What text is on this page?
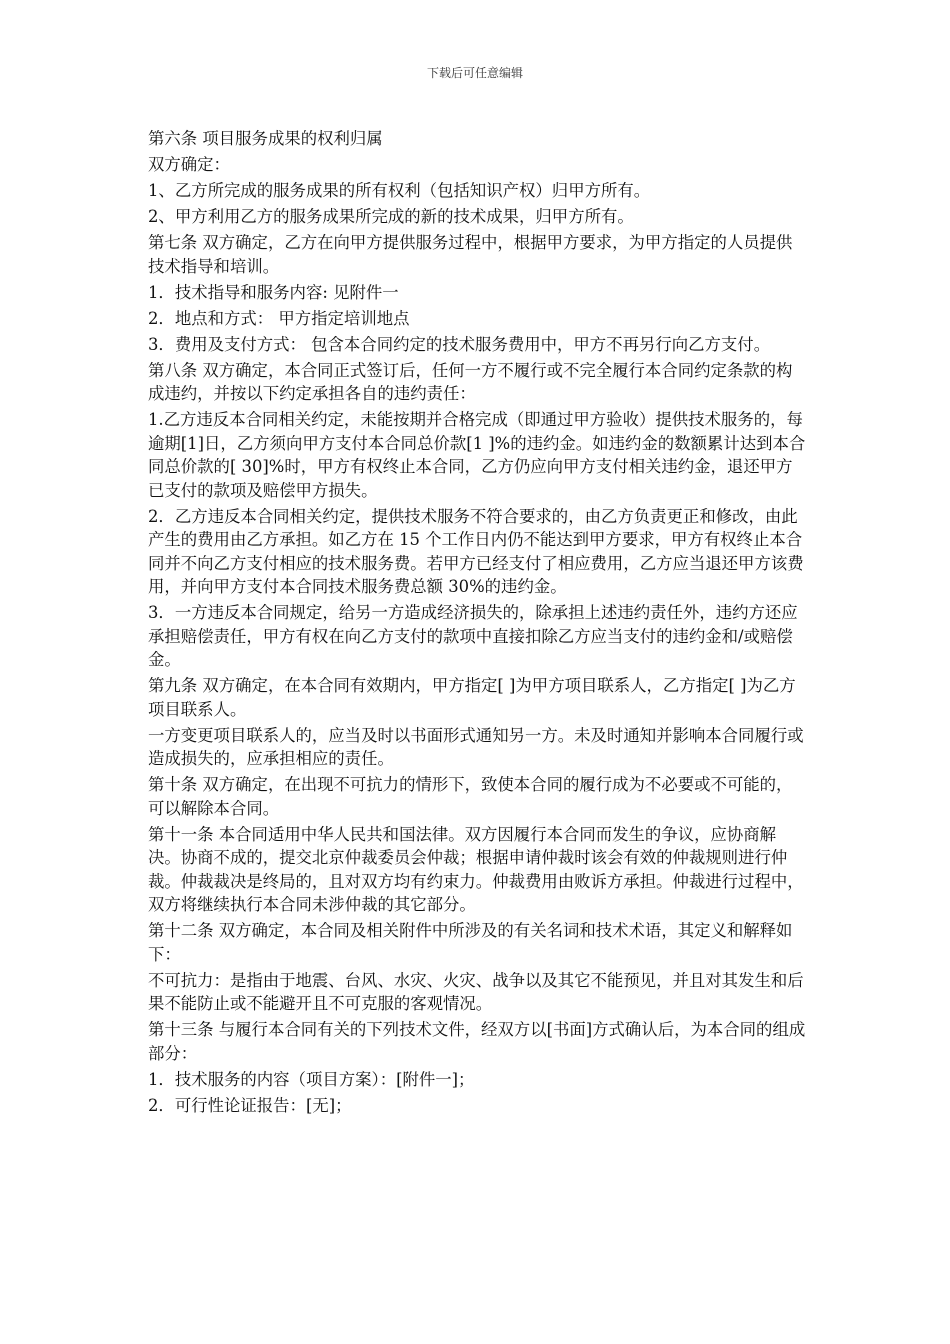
下载后可任意编辑

第六条 项目服务成果的权利归属

双方确定：

1、乙方所完成的服务成果的所有权利（包括知识产权）归甲方所有。

2、甲方利用乙方的服务成果所完成的新的技术成果，归甲方所有。

第七条 双方确定，乙方在向甲方提供服务过程中，根据甲方要求，为甲方指定的人员提供技术指导和培训。

1．技术指导和服务内容: 见附件一

2．地点和方式： 甲方指定培训地点

3．费用及支付方式： 包含本合同约定的技术服务费用中，甲方不再另行向乙方支付。

第八条 双方确定，本合同正式签订后，任何一方不履行或不完全履行本合同约定条款的构成违约，并按以下约定承担各自的违约责任：

1.乙方违反本合同相关约定，未能按期并合格完成（即通过甲方验收）提供技术服务的，每逾期[1]日，乙方须向甲方支付本合同总价款[1 ]%的违约金。如违约金的数额累计达到本合同总价款的[ 30]%时，甲方有权终止本合同，乙方仍应向甲方支付相关违约金，退还甲方已支付的款项及赔偿甲方损失。

2．乙方违反本合同相关约定，提供技术服务不符合要求的，由乙方负责更正和修改，由此产生的费用由乙方承担。如乙方在 15 个工作日内仍不能达到甲方要求，甲方有权终止本合同并不向乙方支付相应的技术服务费。若甲方已经支付了相应费用，乙方应当退还甲方该费用，并向甲方支付本合同技术服务费总额 30%的违约金。

3．一方违反本合同规定，给另一方造成经济损失的，除承担上述违约责任外，违约方还应承担赔偿责任，甲方有权在向乙方支付的款项中直接扣除乙方应当支付的违约金和/或赔偿金。

第九条 双方确定，在本合同有效期内，甲方指定[ ]为甲方项目联系人，乙方指定[ ]为乙方项目联系人。

一方变更项目联系人的，应当及时以书面形式通知另一方。未及时通知并影响本合同履行或造成损失的，应承担相应的责任。

第十条 双方确定，在出现不可抗力的情形下，致使本合同的履行成为不必要或不可能的，可以解除本合同。

第十一条 本合同适用中华人民共和国法律。双方因履行本合同而发生的争议，应协商解决。协商不成的，提交北京仲裁委员会仲裁；根据申请仲裁时该会有效的仲裁规则进行仲裁。仲裁裁决是终局的，且对双方均有约束力。仲裁费用由败诉方承担。仲裁进行过程中，双方将继续执行本合同未涉仲裁的其它部分。

第十二条 双方确定，本合同及相关附件中所涉及的有关名词和技术术语，其定义和解释如下：

不可抗力：是指由于地震、台风、水灾、火灾、战争以及其它不能预见，并且对其发生和后果不能防止或不能避开且不可克服的客观情况。

第十三条 与履行本合同有关的下列技术文件，经双方以[书面]方式确认后，为本合同的组成部分：

1．技术服务的内容（项目方案）：[附件一]；

2．可行性论证报告：[无]；
